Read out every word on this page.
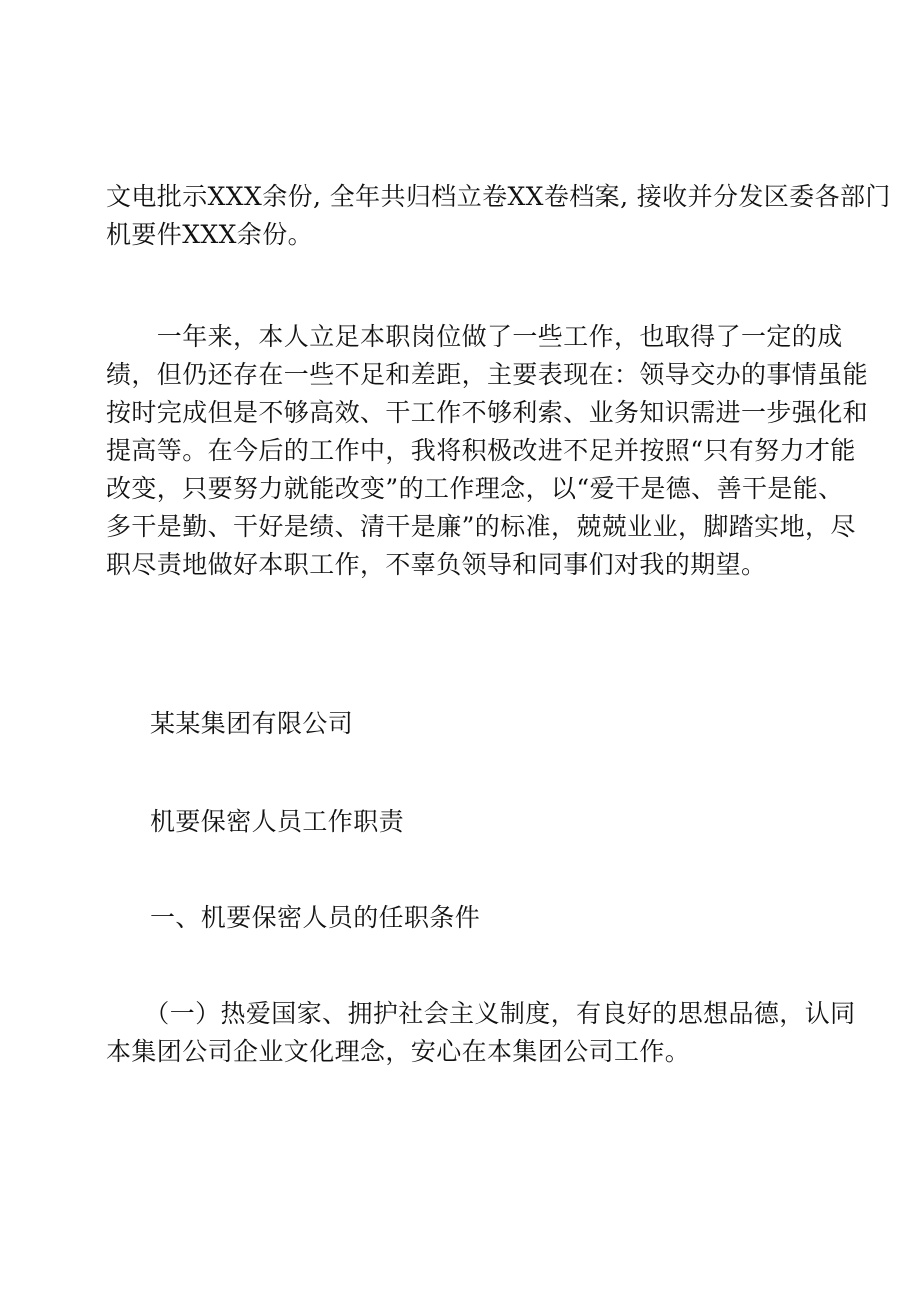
文电批示XXX余份, 全年共归档立卷XX卷档案, 接收并分发区委各部门
机要件XXX余份。
　　一年来，本人立足本职岗位做了一些工作，也取得了一定的成
绩，但仍还存在一些不足和差距，主要表现在：领导交办的事情虽能
按时完成但是不够高效、干工作不够利索、业务知识需进一步强化和
提高等。在今后的工作中，我将积极改进不足并按照“只有努力才能
改变，只要努力就能改变”的工作理念，以“爱干是德、善干是能、
多干是勤、干好是绩、清干是廉”的标准，兢兢业业，脚踏实地，尽
职尽责地做好本职工作，不辜负领导和同事们对我的期望。
某某集团有限公司
机要保密人员工作职责
一、机要保密人员的任职条件
　　（一）热爱国家、拥护社会主义制度，有良好的思想品德，认同
本集团公司企业文化理念，安心在本集团公司工作。
